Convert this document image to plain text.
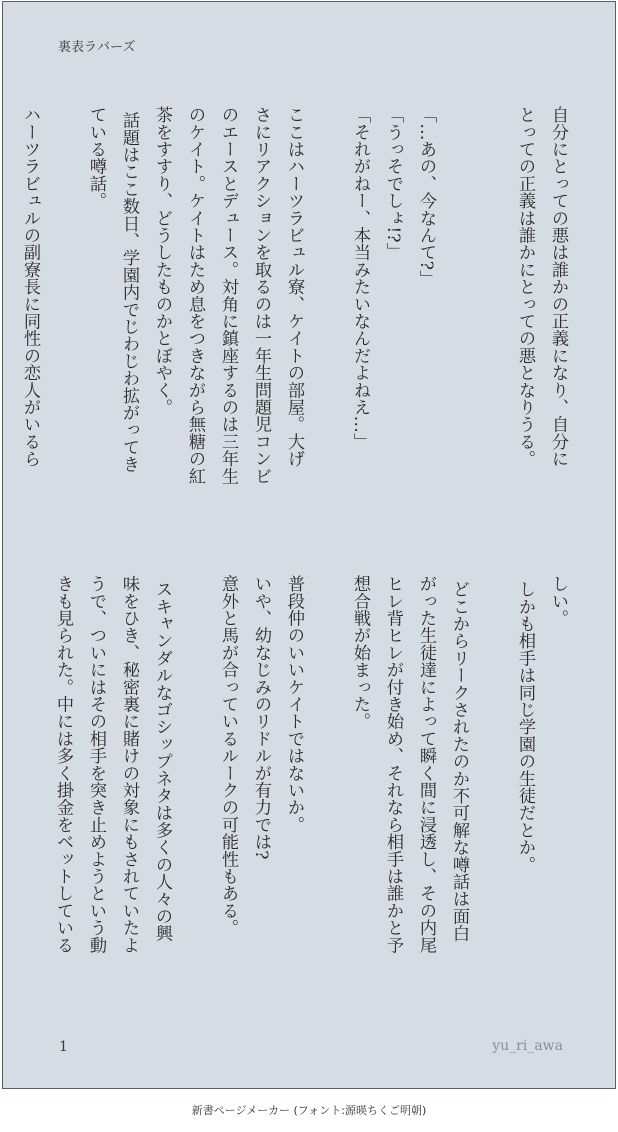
裏表ラバーズ
自分にとっての悪は誰かの正義になり、自分に
とっての正義は誰かにとっての悪となりうる。

「…あの、今なんて?」
「うっそでしょ!?」
「それがねー、本当みたいなんだよねえ…」

ここはハーツラビュル寮、ケイトの部屋。大げ
さにリアクションを取るのは一年生問題児コンビ
のエースとデュース。対角に鎮座するのは三年生
のケイト。ケイトはため息をつきながら無糖の紅
茶をすすり、どうしたものかとぼやく。
話題はここ数日、学園内でじわじわ拡がってき
ている噂話。

ハーツラビュルの副寮長に同性の恋人がいるら
しい。
しかも相手は同じ学園の生徒だとか。

どこからリークされたのか不可解な噂話は面白
がった生徒達によって瞬く間に浸透し、その内尾
ヒレ背ヒレが付き始め、それなら相手は誰かと予
想合戦が始まった。

普段仲のいいケイトではないか。
いや、幼なじみのリドルが有力では?
意外と馬が合っているルークの可能性もある。

スキャンダルなゴシップネタは多くの人々の興
味をひき、秘密裏に賭けの対象にもされていたよ
うで、ついにはその相手を突き止めようという動
きも見られた。中には多く掛金をベットしている
1	yu_ri_awa
新書ページメーカー (フォント:源暎ちくご明朝)
